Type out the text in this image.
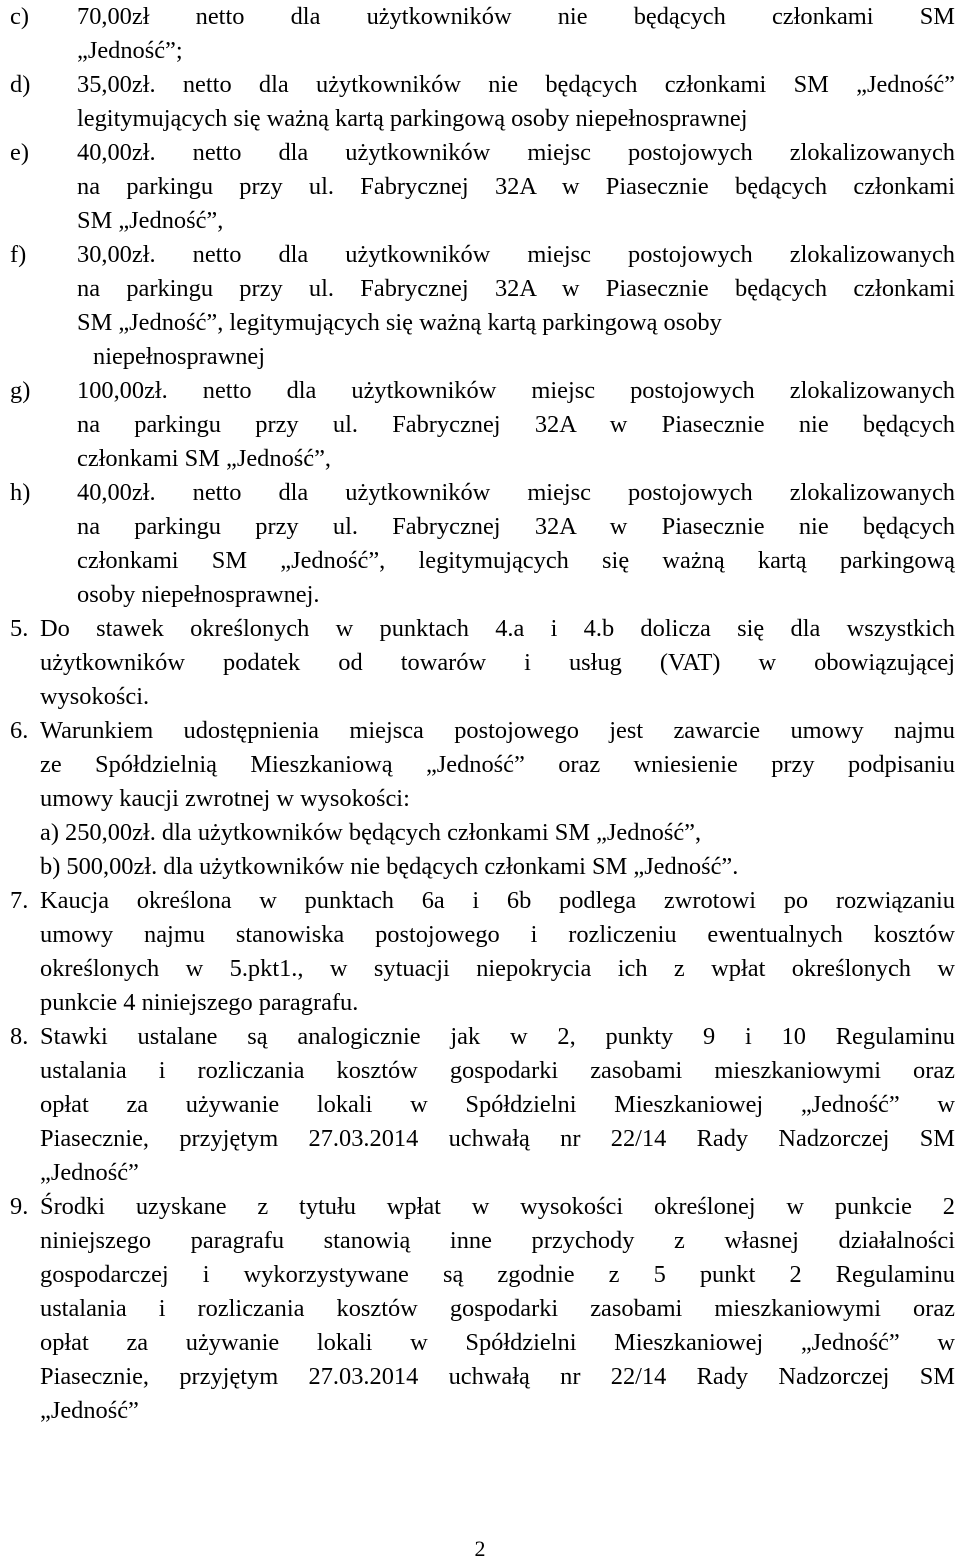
c) 70,00zł netto dla użytkowników nie będących członkami SM
„Jedność”;
d) 35,00zł. netto dla użytkowników nie będących członkami SM „Jedność”
legitymujących się ważną kartą parkingową osoby niepełnosprawnej
e) 40,00zł. netto dla użytkowników miejsc postojowych zlokalizowanych
na parkingu przy ul. Fabrycznej 32A w Piasecznie będących członkami
SM „Jedność”,
f) 30,00zł. netto dla użytkowników miejsc postojowych zlokalizowanych
na parkingu przy ul. Fabrycznej 32A w Piasecznie będących członkami
SM „Jedność”, legitymujących się ważną kartą parkingową osoby
niepełnosprawnej
g) 100,00zł. netto dla użytkowników miejsc postojowych zlokalizowanych
na parkingu przy ul. Fabrycznej 32A w Piasecznie nie będących
członkami SM „Jedność”,
h) 40,00zł. netto dla użytkowników miejsc postojowych zlokalizowanych
na parkingu przy ul. Fabrycznej 32A w Piasecznie nie będących
członkami SM „Jedność”, legitymujących się ważną kartą parkingową
osoby niepełnosprawnej.
5. Do stawek określonych w punktach 4.a i 4.b dolicza się dla wszystkich
użytkowników podatek od towarów i usług (VAT) w obowiązującej
wysokości.
6. Warunkiem udostępnienia miejsca postojowego jest zawarcie umowy najmu
ze Spółdzielnią Mieszkaniową „Jedność” oraz wniesienie przy podpisaniu
umowy kaucji zwrotnej w wysokości:
a) 250,00zł. dla użytkowników będących członkami SM „Jedność”,
b) 500,00zł. dla użytkowników nie będących członkami SM „Jedność”.
7. Kaucja określona w punktach 6a i 6b podlega zwrotowi po rozwiązaniu
umowy najmu stanowiska postojowego i rozliczeniu ewentualnych kosztów
określonych w 5.pkt1., w sytuacji niepokrycia ich z wpłat określonych w
punkcie 4 niniejszego paragrafu.
8. Stawki ustalane są analogicznie jak w 2, punkty 9 i 10 Regulaminu
ustalania i rozliczania kosztów gospodarki zasobami mieszkaniowymi oraz
opłat za używanie lokali w Spółdzielni Mieszkaniowej „Jedność” w
Piasecznie, przyjętym 27.03.2014 uchwałą nr 22/14 Rady Nadzorczej SM
„Jedność”
9. Środki uzyskane z tytułu wpłat w wysokości określonej w punkcie 2
niniejszego paragrafu stanowią inne przychody z własnej działalności
gospodarczej i wykorzystywane są zgodnie z 5 punkt 2 Regulaminu
ustalania i rozliczania kosztów gospodarki zasobami mieszkaniowymi oraz
opłat za używanie lokali w Spółdzielni Mieszkaniowej „Jedność” w
Piasecznie, przyjętym 27.03.2014 uchwałą nr 22/14 Rady Nadzorczej SM
„Jedność”
2
